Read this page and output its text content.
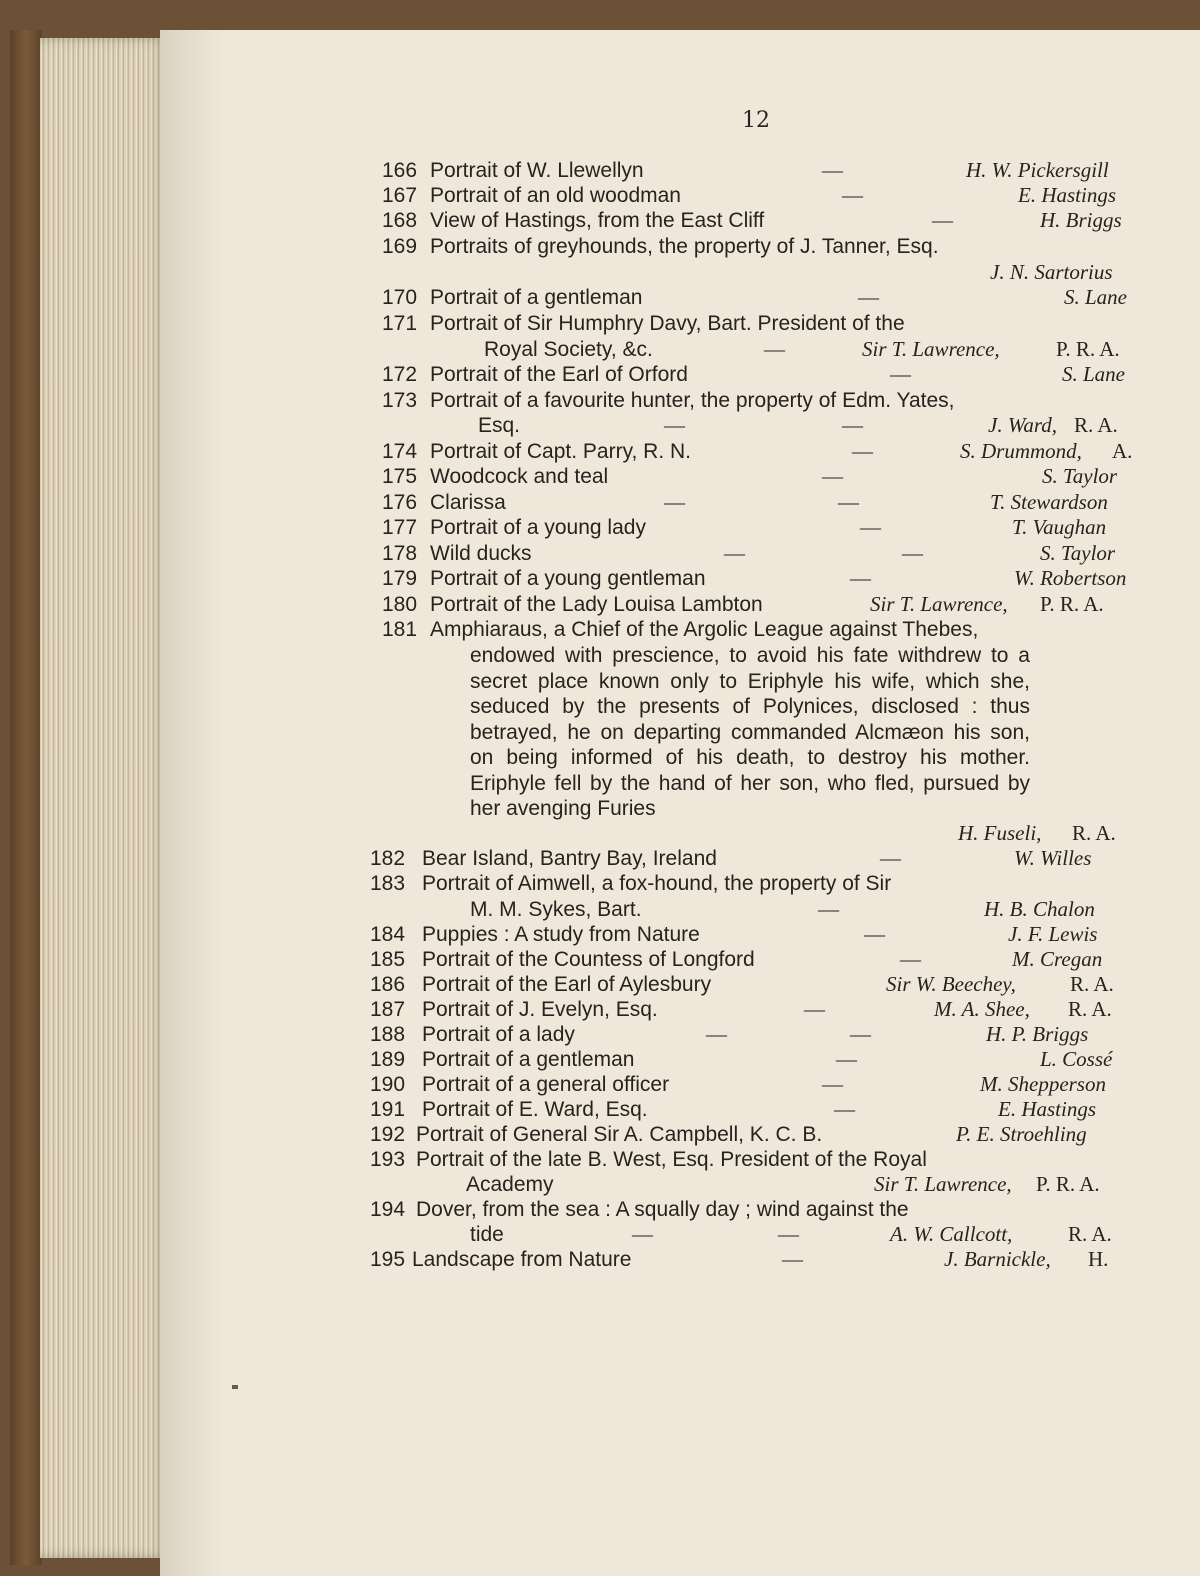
12
166 Portrait of W. Llewellyn	—	H. W. Pickersgill
167 Portrait of an old woodman	—	E. Hastings
168 View of Hastings, from the East Cliff	—	H. Briggs
169 Portraits of greyhounds, the property of J. Tanner, Esq.
J. N. Sartorius
170 Portrait of a gentleman	—	S. Lane
171 Portrait of Sir Humphry Davy, Bart. President of the
Royal Society, &c.	—	Sir T. Lawrence,	P. R. A.
172 Portrait of the Earl of Orford	—	S. Lane
173 Portrait of a favourite hunter, the property of Edm. Yates,
Esq.	—	—	J. Ward, R. A.
174 Portrait of Capt. Parry, R. N.	—	S. Drummond, A.
175 Woodcock and teal	—	S. Taylor
176 Clarissa	—	—	T. Stewardson
177 Portrait of a young lady	—	T. Vaughan
178 Wild ducks	—	—	S. Taylor
179 Portrait of a young gentleman	—	W. Robertson
180 Portrait of the Lady Louisa Lambton	Sir T. Lawrence, P. R. A.
181 Amphiaraus, a Chief of the Argolic League against Thebes,
endowed with prescience, to avoid his fate withdrew to a secret place known only to Eriphyle his wife, which she, seduced by the presents of Polynices, disclosed : thus betrayed, he on departing commanded Alcmæon his son, on being informed of his death, to destroy his mother. Eriphyle fell by the hand of her son, who fled, pursued by her avenging Furies
H. Fuseli, R. A.
182 Bear Island, Bantry Bay, Ireland	—	W. Willes
183 Portrait of Aimwell, a fox-hound, the property of Sir
M. M. Sykes, Bart.	—	H. B. Chalon
184 Puppies : A study from Nature	—	J. F. Lewis
185 Portrait of the Countess of Longford	—	M. Cregan
186 Portrait of the Earl of Aylesbury	Sir W. Beechey,	R. A.
187 Portrait of J. Evelyn, Esq.	—	M. A. Shee, R. A.
188 Portrait of a lady	—	—	H. P. Briggs
189 Portrait of a gentleman	—	L. Cossé
190 Portrait of a general officer	—	M. Shepperson
191 Portrait of E. Ward, Esq.	—	E. Hastings
192 Portrait of General Sir A. Campbell, K. C. B.	P. E. Stroehling
193 Portrait of the late B. West, Esq. President of the Royal
Academy	Sir T. Lawrence, P. R. A.
194 Dover, from the sea : A squally day ; wind against the
tide	—	—	A. W. Callcott,	R. A.
195 Landscape from Nature	—	J. Barnickle, H.
